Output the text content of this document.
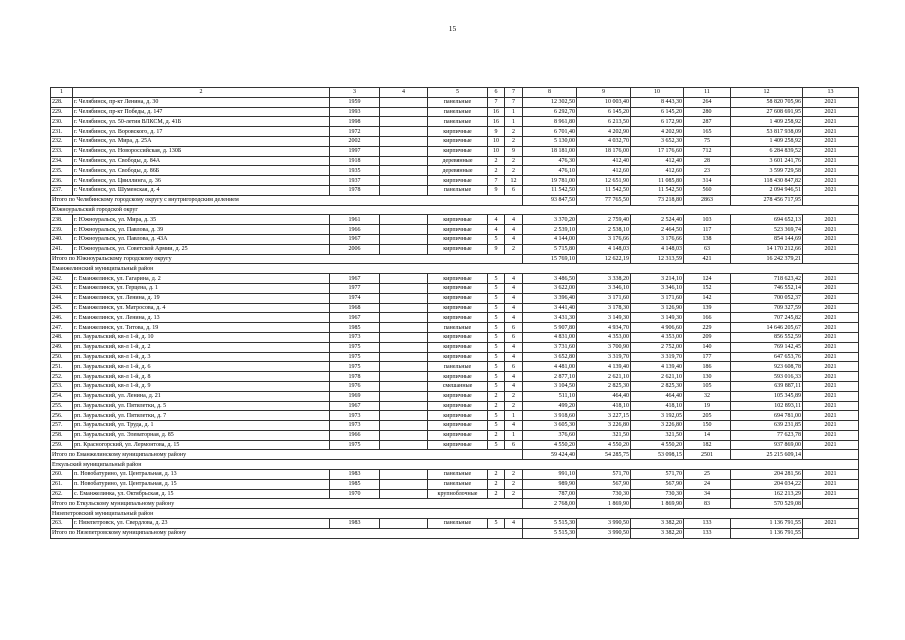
15
1	2	3	4	5	6	7	8	9	10	11	12	13
228.	г. Челябинск, пр-кт Ленина, д. 30	1959		панельные	7	7	12 302,50	10 003,40	8 443,30	264	58 820 705,96	2021
229.	г. Челябинск, пр-кт Победы, д. 147	1993		панельные	16	1	6 292,70	6 145,20	6 145,20	280	27 608 691,95	2021
230.	г. Челябинск, ул. 50-летия ВЛКСМ, д. 41Б	1998		панельные	16	1	8 961,80	6 213,50	6 172,90	287	1 409 258,92	2021
231.	г. Челябинск, ул. Воровского, д. 17	1972		кирпичные	9	2	6 701,40	4 202,90	4 202,90	165	53 817 938,09	2021
232.	г. Челябинск, ул. Мира, д. 25А	2002		кирпичные	10	2	5 130,00	4 032,70	3 652,30	75	1 409 258,92	2021
233.	г. Челябинск, ул. Новороссийская, д. 130Б	1997		кирпичные	10	9	18 181,00	18 176,00	17 176,60	712	6 284 839,52	2021
234.	г. Челябинск, ул. Свободы, д. 84А	1918		деревянные	2	2	476,30	412,40	412,40	28	3 601 241,76	2021
235.	г. Челябинск, ул. Свободы, д. 86Б	1935		деревянные	2	2	476,10	412,60	412,60	23	3 599 729,58	2021
236.	г. Челябинск, ул. Цвиллинга, д. 36	1937		кирпичные	7	12	19 781,00	12 651,90	11 085,80	314	118 430 847,82	2021
237.	г. Челябинск, ул. Шуменская, д. 4	1978		панельные	9	6	11 542,50	11 542,50	11 542,50	560	2 094 946,51	2021
Итого по Челябинскому городскому округу с внутригородским делением							93 847,50	77 765,50	73 218,80	2863	278 456 717,95	
Южноуральский городской округ												
238.	г. Южноуральск, ул. Мира, д. 35	1961		кирпичные	4	4	3 370,20	2 759,40	2 524,40	103	694 652,13	2021
239.	г. Южноуральск, ул. Павлова, д. 39	1966		кирпичные	4	4	2 539,10	2 538,10	2 464,50	117	523 369,74	2021
240.	г. Южноуральск, ул. Павлова, д. 43А	1967		кирпичные	5	4	4 144,00	3 176,66	3 176,66	138	854 144,69	2021
241.	г. Южноуральск, ул. Советской Армии, д. 25	2006		кирпичные	9	2	5 715,80	4 148,03	4 148,03	63	14 170 212,66	2021
Итого по Южноуральскому городскому округу							15 769,10	12 622,19	12 313,59	421	16 242 379,21	
Еманжелинский муниципальный район												
242.	г. Еманжелинск, ул. Гагарина, д. 2	1967		кирпичные	5	4	3 486,50	3 338,20	3 214,10	124	718 623,42	2021
243.	г. Еманжелинск, ул. Герцена, д. 1	1977		кирпичные	5	4	3 622,00	3 346,10	3 346,10	152	746 552,14	2021
244.	г. Еманжелинск, ул. Ленина, д. 19	1974		кирпичные	5	4	3 396,40	3 171,60	3 171,60	142	700 052,37	2021
245.	г. Еманжелинск, ул. Матросова, д. 4	1968		кирпичные	5	4	3 441,40	3 178,30	3 126,90	139	709 327,59	2021
246.	г. Еманжелинск, ул. Ленина, д. 13	1967		кирпичные	5	4	3 431,30	3 149,30	3 149,30	166	707 245,82	2021
247.	г. Еманжелинск, ул. Титова, д. 19	1985		панельные	5	6	5 907,80	4 934,70	4 906,60	229	14 646 205,67	2021
248.	рп. Зауральский, кв-л 1-й, д. 10	1973		кирпичные	5	6	4 831,00	4 353,00	4 353,00	209	856 552,59	2021
249.	рп. Зауральский, кв-л 1-й, д. 2	1975		кирпичные	5	4	3 731,60	3 700,90	2 752,00	140	769 142,45	2021
250.	рп. Зауральский, кв-л 1-й, д. 3	1975		кирпичные	5	4	3 652,80	3 319,70	3 319,70	177	647 653,76	2021
251.	рп. Зауральский, кв-л 1-й, д. 6	1975		панельные	5	6	4 481,00	4 139,40	4 139,40	186	923 608,78	2021
252.	рп. Зауральский, кв-л 1-й, д. 8	1978		кирпичные	5	4	2 877,10	2 621,10	2 621,10	130	593 016,33	2021
253.	рп. Зауральский, кв-л 1-й, д. 9	1976		смешанные	5	4	3 104,50	2 825,30	2 825,30	105	639 887,11	2021
254.	рп. Зауральский, ул. Ленина, д. 21	1969		кирпичные	2	2	511,10	464,40	464,40	32	105 345,89	2021
255.	рп. Зауральский, ул. Пятилетки, д. 5	1967		кирпичные	2	2	499,20	418,10	418,10	19	102 893,11	2021
256.	рп. Зауральский, ул. Пятилетки, д. 7	1973		кирпичные	5	1	3 918,60	3 227,15	3 192,05	205	694 781,00	2021
257.	рп. Зауральский, ул. Труда, д. 1	1973		кирпичные	5	4	3 605,30	3 226,80	3 226,80	150	639 231,85	2021
258.	рп. Зауральский, ул. Элеваторная, д. 85	1966		кирпичные	2	1	376,60	321,50	321,50	14	77 623,78	2021
259.	рп. Красногорский, ул. Лермонтова, д. 15	1975		кирпичные	5	6	4 550,20	4 550,20	4 550,20	182	937 869,00	2021
Итого по Еманжелинскому муниципальному району							59 424,40	54 285,75	53 098,15	2501	25 215 609,14	
Еткульский муниципальный район												
260.	п. Новобатурино, ул. Центральная, д. 13	1983		панельные	2	2	991,10	571,70	571,70	25	204 281,56	2021
261.	п. Новобатурино, ул. Центральная, д. 15	1985		панельные	2	2	989,90	567,90	567,90	24	204 034,22	2021
262.	с. Еманжелинка, ул. Октябрьская, д. 15	1970		крупноблочные	2	2	787,00	730,30	730,30	34	162 213,29	2021
Итого по Еткульскому муниципальному району							2 768,00	1 869,90	1 869,90	83	570 529,08	
Нязепетровский муниципальный район												
263.	г. Нязепетровск, ул. Свердлова, д. 23	1983		панельные	5	4	5 515,30	3 990,50	3 382,20	133	1 136 791,55	2021
Итого по Нязепетровскому муниципальному району							5 515,30	3 990,50	3 382,20	133	1 136 791,55	
